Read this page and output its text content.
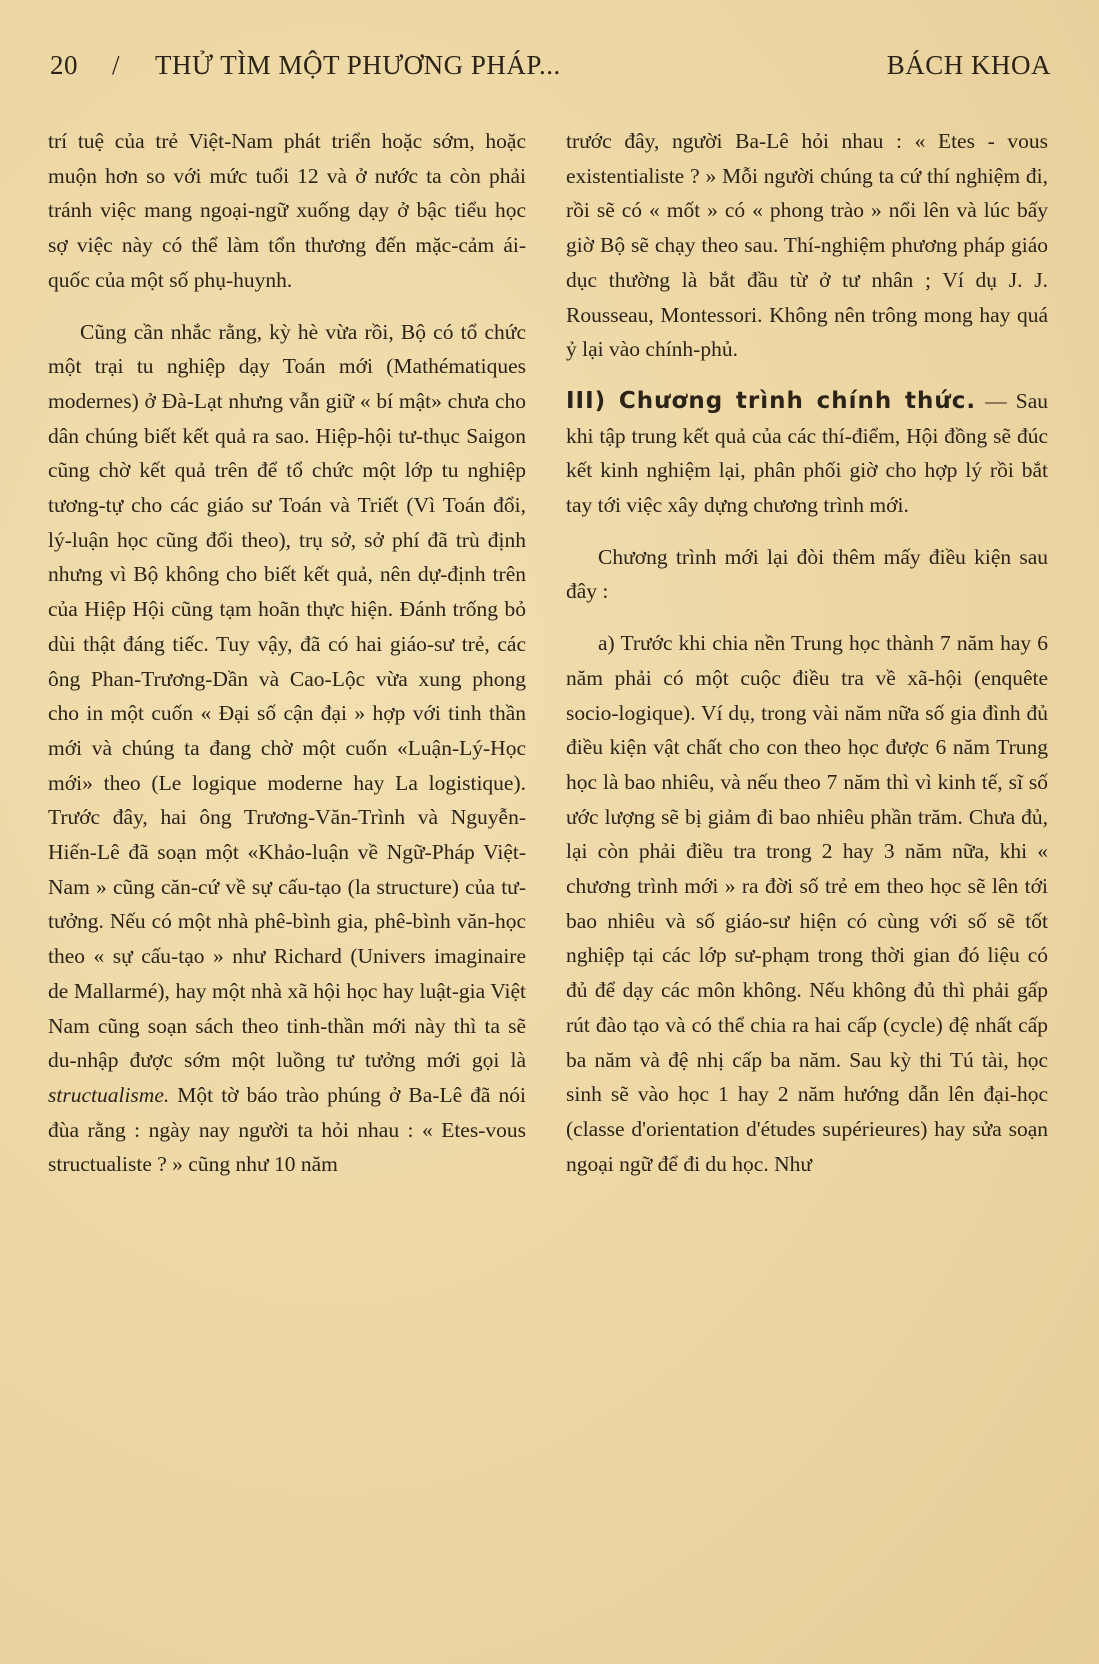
20 / THỬ TÌM MỘT PHƯƠNG PHÁP...	BÁCH KHOA

trí tuệ của trẻ Việt-Nam phát triển hoặc sớm, hoặc muộn hơn so với mức tuổi 12 và ở nước ta còn phải tránh việc mang ngoại-ngữ xuống dạy ở bậc tiểu học sợ việc này có thể làm tổn thương đến mặc-cảm ái-quốc của một số phụ-huynh.

Cũng cần nhắc rằng, kỳ hè vừa rồi, Bộ có tổ chức một trại tu nghiệp dạy Toán mới (Mathématiques modernes) ở Đà-Lạt nhưng vẫn giữ « bí mật» chưa cho dân chúng biết kết quả ra sao. Hiệp-hội tư-thục Saigon cũng chờ kết quả trên để tổ chức một lớp tu nghiệp tương-tự cho các giáo sư Toán và Triết (Vì Toán đổi, lý-luận học cũng đổi theo), trụ sở, sở phí đã trù định nhưng vì Bộ không cho biết kết quả, nên dự-định trên của Hiệp Hội cũng tạm hoãn thực hiện. Đánh trống bỏ dùi thật đáng tiếc. Tuy vậy, đã có hai giáo-sư trẻ, các ông Phan-Trương-Dần và Cao-Lộc vừa xung phong cho in một cuốn « Đại số cận đại » hợp với tinh thần mới và chúng ta đang chờ một cuốn «Luận-Lý-Học mới» theo (Le logique moderne hay La logistique). Trước đây, hai ông Trương-Văn-Trình và Nguyễn-Hiến-Lê đã soạn một «Khảo-luận về Ngữ-Pháp Việt-Nam » cũng căn-cứ về sự cấu-tạo (la structure) của tư-tưởng. Nếu có một nhà phê-bình gia, phê-bình văn-học theo « sự cấu-tạo » như Richard (Univers imaginaire de Mallarmé), hay một nhà xã hội học hay luật-gia Việt Nam cũng soạn sách theo tinh-thần mới này thì ta sẽ du-nhập được sớm một luồng tư tưởng mới gọi là structualisme. Một tờ báo trào phúng ở Ba-Lê đã nói đùa rằng : ngày nay người ta hỏi nhau : « Etes-vous structualiste ? » cũng như 10 năm

trước đây, người Ba-Lê hỏi nhau : « Etes - vous existentialiste ? » Mỗi người chúng ta cứ thí nghiệm đi, rồi sẽ có « mốt » có « phong trào » nổi lên và lúc bấy giờ Bộ sẽ chạy theo sau. Thí-nghiệm phương pháp giáo dục thường là bắt đầu từ ở tư nhân ; Ví dụ J. J. Rousseau, Montessori. Không nên trông mong hay quá ỷ lại vào chính-phủ.

III) Chương trình chính thức. — Sau khi tập trung kết quả của các thí-điểm, Hội đồng sẽ đúc kết kinh nghiệm lại, phân phối giờ cho hợp lý rồi bắt tay tới việc xây dựng chương trình mới.

Chương trình mới lại đòi thêm mấy điều kiện sau đây :

a) Trước khi chia nền Trung học thành 7 năm hay 6 năm phải có một cuộc điều tra về xã-hội (enquête socio-logique). Ví dụ, trong vài năm nữa số gia đình đủ điều kiện vật chất cho con theo học được 6 năm Trung học là bao nhiêu, và nếu theo 7 năm thì vì kinh tế, sĩ số ước lượng sẽ bị giảm đi bao nhiêu phần trăm. Chưa đủ, lại còn phải điều tra trong 2 hay 3 năm nữa, khi « chương trình mới » ra đời số trẻ em theo học sẽ lên tới bao nhiêu và số giáo-sư hiện có cùng với số sẽ tốt nghiệp tại các lớp sư-phạm trong thời gian đó liệu có đủ để dạy các môn không. Nếu không đủ thì phải gấp rút đào tạo và có thể chia ra hai cấp (cycle) đệ nhất cấp ba năm và đệ nhị cấp ba năm. Sau kỳ thi Tú tài, học sinh sẽ vào học 1 hay 2 năm hướng dẫn lên đại-học (classe d'orientation d'études supérieures) hay sửa soạn ngoại ngữ để đi du học. Như
